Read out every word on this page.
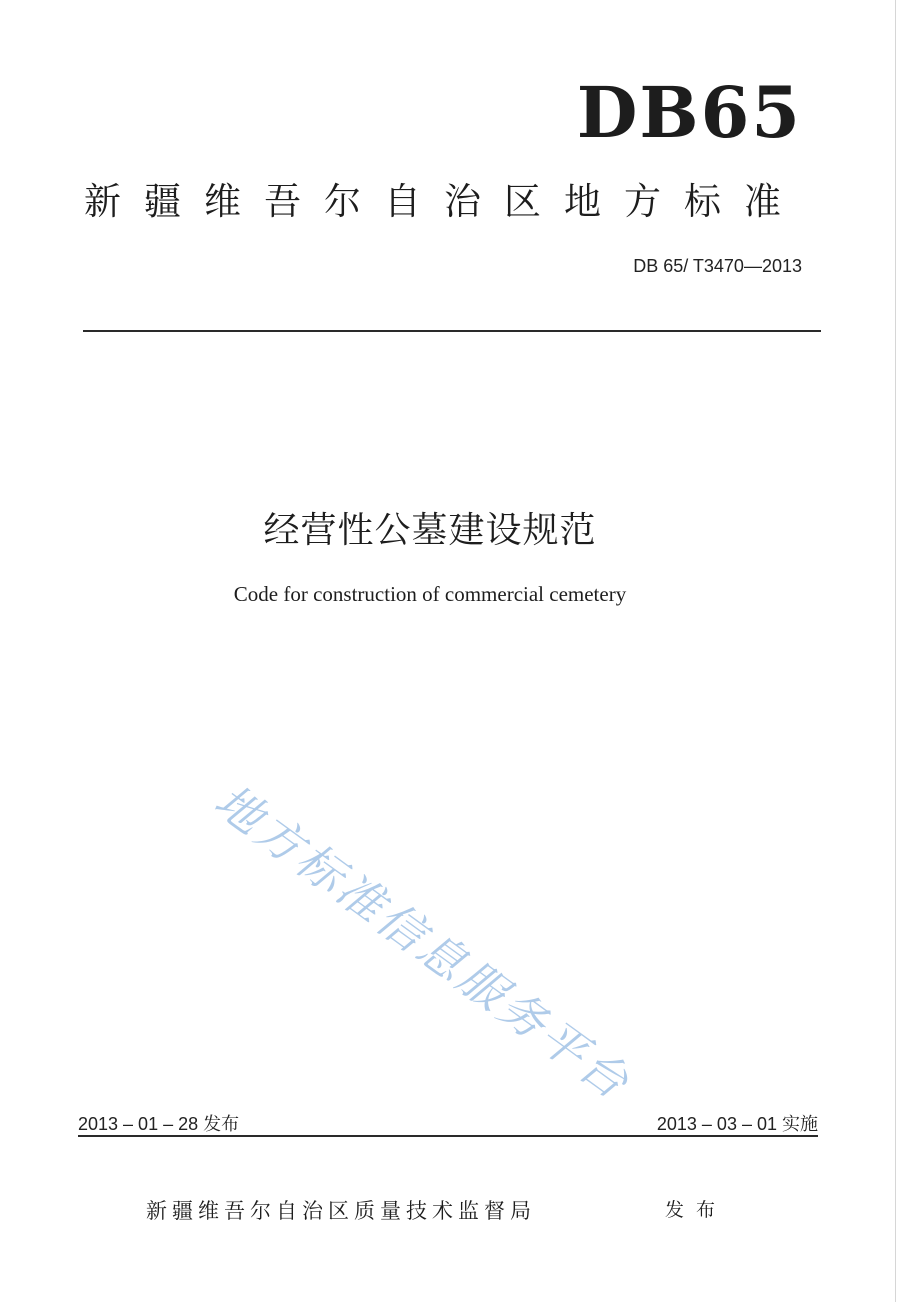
DB65
新疆维吾尔自治区地方标准
DB 65/ T3470—2013
经营性公墓建设规范
Code for construction of commercial cemetery
地方标准信息服务平台
2013 – 01 – 28 发布	2013 – 03 – 01 实施
新疆维吾尔自治区质量技术监督局	发布
